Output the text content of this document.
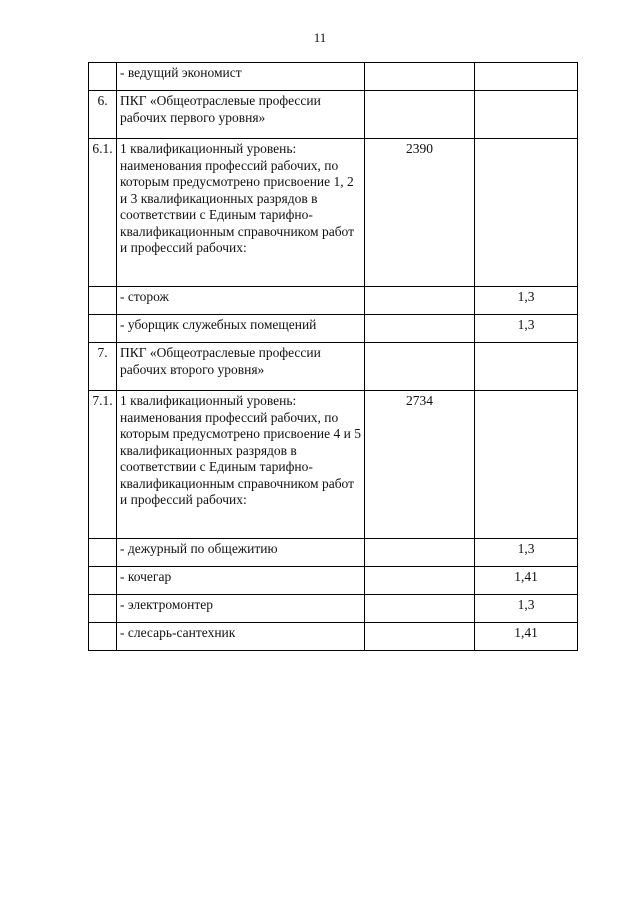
11
	- ведущий экономист		
6.	ПКГ «Общеотраслевые профессии рабочих первого уровня»		
6.1.	1 квалификационный уровень: наименования профессий рабочих, по которым предусмотрено присвоение 1, 2 и 3 квалификационных разрядов в соответствии с Единым тарифно-квалификационным справочником работ и профессий рабочих:	2390	
	- сторож		1,3
	- уборщик служебных помещений		1,3
7.	ПКГ «Общеотраслевые профессии рабочих второго уровня»		
7.1.	1 квалификационный уровень: наименования профессий рабочих, по которым предусмотрено присвоение 4 и 5 квалификационных разрядов в соответствии с Единым тарифно-квалификационным справочником работ и профессий рабочих:	2734	
	- дежурный по общежитию		1,3
	- кочегар		1,41
	- электромонтер		1,3
	- слесарь-сантехник		1,41
